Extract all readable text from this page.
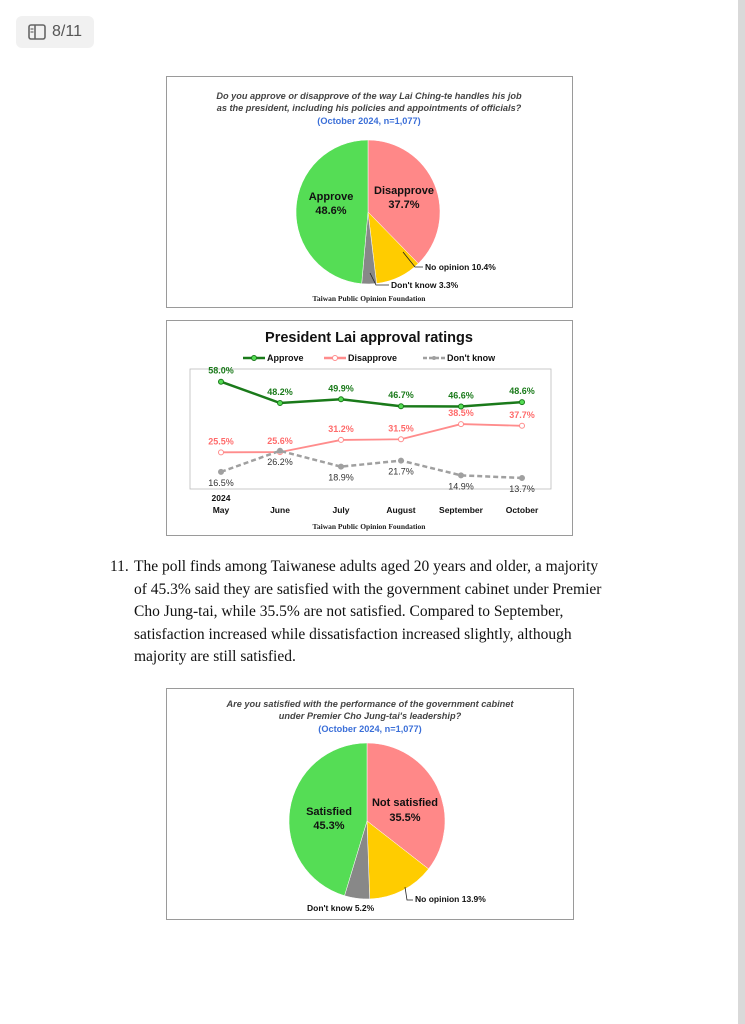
8/11
Do you approve or disapprove of the way Lai Ching-te handles his job
as the president, including his policies and appointments of officials?
(October 2024, n=1,077)
Approve
48.6%
Disapprove
37.7%
No opinion 10.4%
Don't know 3.3%
Taiwan Public Opinion Foundation
President Lai approval ratings
Approve	Disapprove	Don't know
58.0%
48.2%	49.9%
46.7%	46.6%	48.6%
25.5%	25.6%
31.2%	31.5%
38.5%	37.7%
16.5%
26.2%
18.9%
21.7%
14.9%	13.7%
2024
May	June	July	August	September	October
Taiwan Public Opinion Foundation
11. The poll finds among Taiwanese adults aged 20 years and older, a majority of 45.3% said they are satisfied with the government cabinet under Premier Cho Jung-tai, while 35.5% are not satisfied. Compared to September, satisfaction increased while dissatisfaction increased slightly, although majority are still satisfied.
Are you satisfied with the performance of the government cabinet
under Premier Cho Jung-tai's leadership?
(October 2024, n=1,077)
Satisfied
45.3%
Not satisfied
35.5%
No opinion 13.9%
Don't know 5.2%
